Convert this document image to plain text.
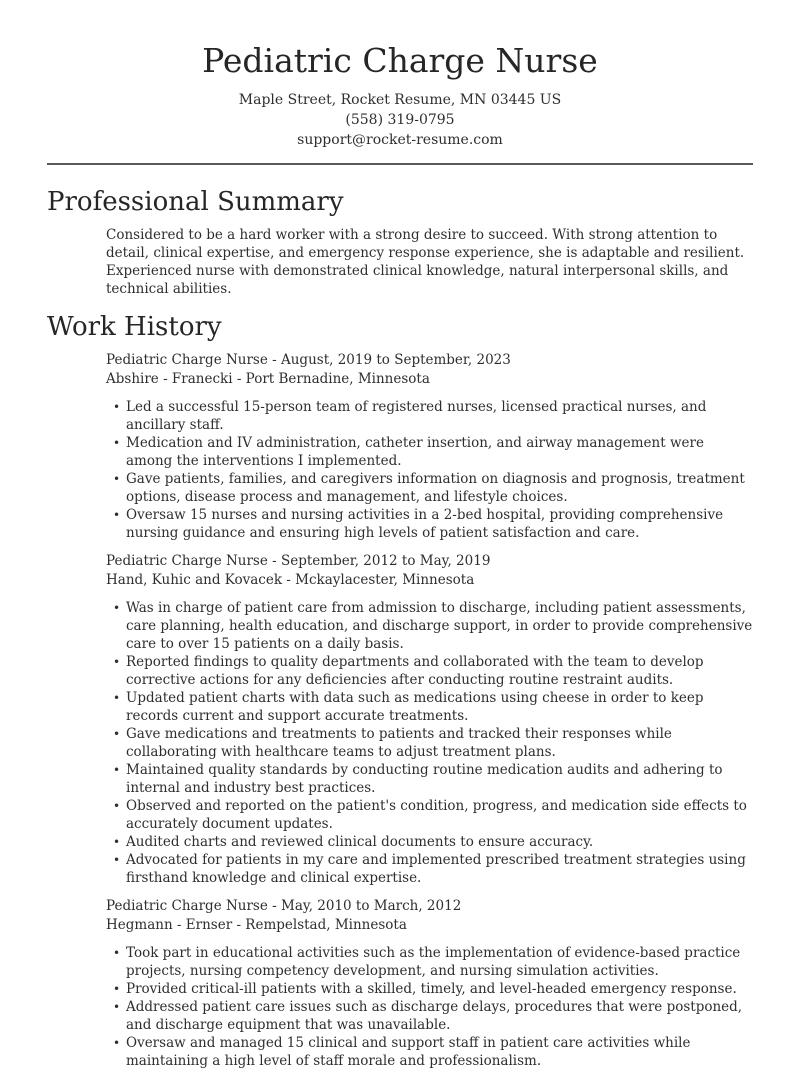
Pediatric Charge Nurse
Maple Street, Rocket Resume, MN 03445 US
(558) 319-0795
support@rocket-resume.com
Professional Summary

Considered to be a hard worker with a strong desire to succeed. With strong attention to detail, clinical expertise, and emergency response experience, she is adaptable and resilient. Experienced nurse with demonstrated clinical knowledge, natural interpersonal skills, and technical abilities.

Work History
Pediatric Charge Nurse - August, 2019 to September, 2023
Abshire - Franecki - Port Bernadine, Minnesota
• Led a successful 15-person team of registered nurses, licensed practical nurses, and ancillary staff.
• Medication and IV administration, catheter insertion, and airway management were among the interventions I implemented.
• Gave patients, families, and caregivers information on diagnosis and prognosis, treatment options, disease process and management, and lifestyle choices.
• Oversaw 15 nurses and nursing activities in a 2-bed hospital, providing comprehensive nursing guidance and ensuring high levels of patient satisfaction and care.
Pediatric Charge Nurse - September, 2012 to May, 2019
Hand, Kuhic and Kovacek - Mckaylacester, Minnesota
• Was in charge of patient care from admission to discharge, including patient assessments, care planning, health education, and discharge support, in order to provide comprehensive care to over 15 patients on a daily basis.
• Reported findings to quality departments and collaborated with the team to develop corrective actions for any deficiencies after conducting routine restraint audits.
• Updated patient charts with data such as medications using cheese in order to keep records current and support accurate treatments.
• Gave medications and treatments to patients and tracked their responses while collaborating with healthcare teams to adjust treatment plans.
• Maintained quality standards by conducting routine medication audits and adhering to internal and industry best practices.
• Observed and reported on the patient's condition, progress, and medication side effects to accurately document updates.
• Audited charts and reviewed clinical documents to ensure accuracy.
• Advocated for patients in my care and implemented prescribed treatment strategies using firsthand knowledge and clinical expertise.
Pediatric Charge Nurse - May, 2010 to March, 2012
Hegmann - Ernser - Rempelstad, Minnesota
• Took part in educational activities such as the implementation of evidence-based practice projects, nursing competency development, and nursing simulation activities.
• Provided critical-ill patients with a skilled, timely, and level-headed emergency response.
• Addressed patient care issues such as discharge delays, procedures that were postponed, and discharge equipment that was unavailable.
• Oversaw and managed 15 clinical and support staff in patient care activities while maintaining a high level of staff morale and professionalism.
